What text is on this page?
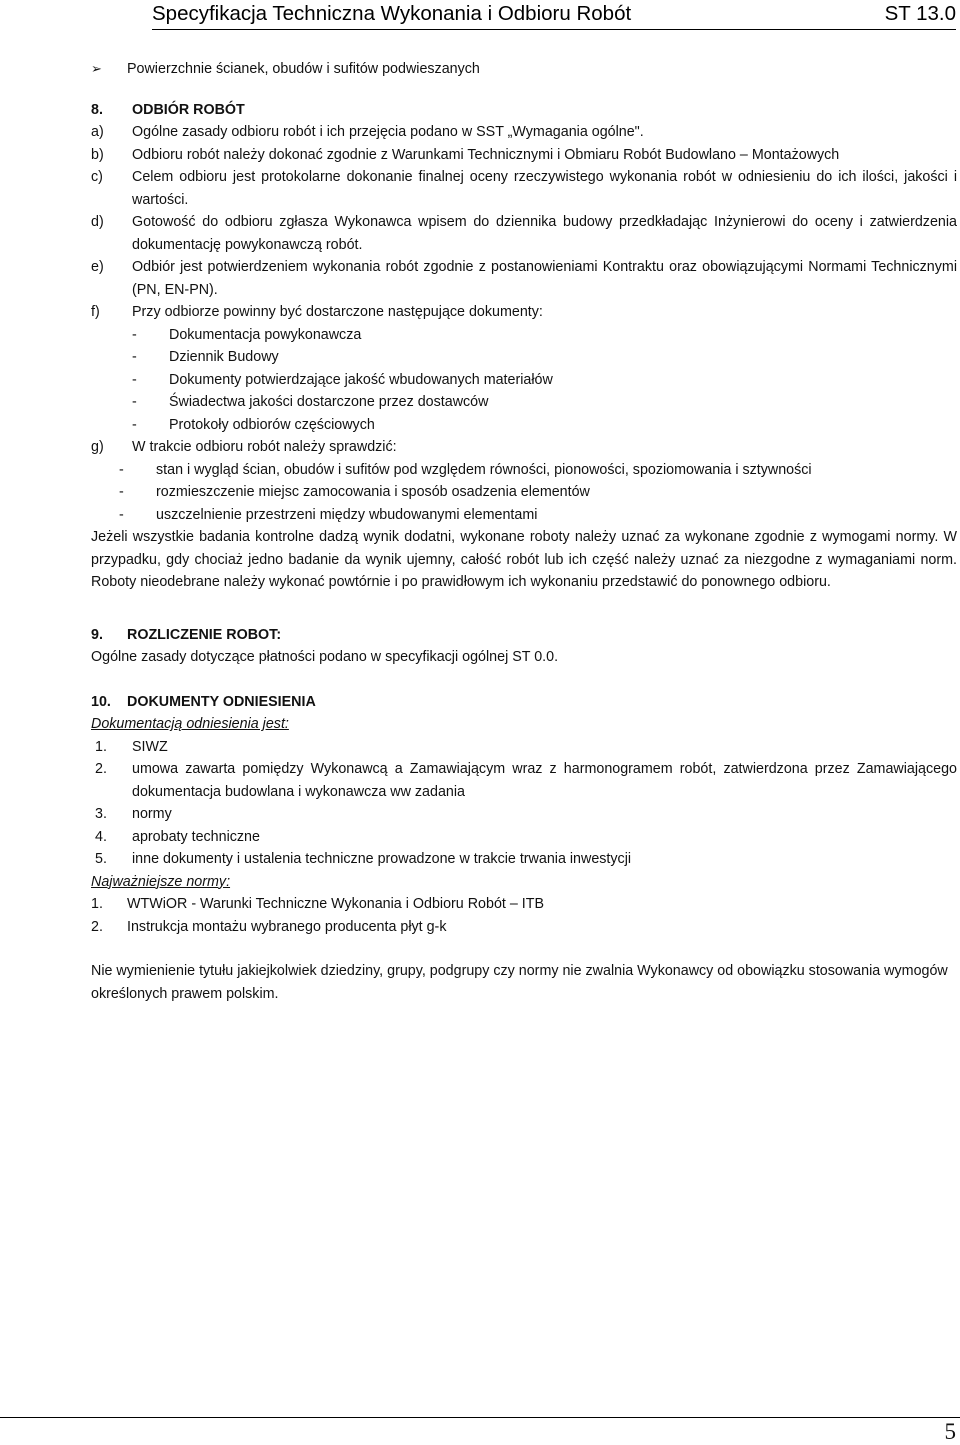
Specyfikacja Techniczna Wykonania i Odbioru Robót	ST 13.0
➢	Powierzchnie ścianek, obudów i sufitów podwieszanych
8.	ODBIÓR ROBÓT
a)	Ogólne zasady odbioru robót i ich przejęcia podano w SST „Wymagania ogólne".
b)	Odbioru robót należy dokonać zgodnie z Warunkami Technicznymi i Obmiaru Robót Budowlano – Montażowych
c)	Celem odbioru jest protokolarne dokonanie finalnej oceny rzeczywistego wykonania robót w odniesieniu do ich ilości, jakości i wartości.
d)	Gotowość do odbioru zgłasza Wykonawca wpisem do dziennika budowy przedkładając Inżynierowi do oceny i zatwierdzenia dokumentację powykonawczą robót.
e)	Odbiór jest potwierdzeniem wykonania robót zgodnie z postanowieniami Kontraktu oraz obowiązującymi Normami Technicznymi (PN, EN-PN).
f)	Przy odbiorze powinny być dostarczone następujące dokumenty:
-	Dokumentacja powykonawcza
-	Dziennik Budowy
-	Dokumenty potwierdzające jakość wbudowanych materiałów
-	Świadectwa jakości dostarczone przez dostawców
-	Protokoły odbiorów częściowych
g)	W trakcie odbioru robót należy sprawdzić:
-	stan i wygląd ścian, obudów i sufitów pod względem równości, pionowości, spoziomowania i sztywności
-	rozmieszczenie miejsc zamocowania i sposób osadzenia elementów
-	uszczelnienie przestrzeni między wbudowanymi elementami
Jeżeli wszystkie badania kontrolne dadzą wynik dodatni, wykonane roboty należy uznać za wykonane zgodnie z wymogami normy. W przypadku, gdy chociaż jedno badanie da wynik ujemny, całość robót lub ich część należy uznać za niezgodne z wymaganiami norm. Roboty nieodebrane należy wykonać powtórnie i po prawidłowym ich wykonaniu przedstawić do ponownego odbioru.
9.	ROZLICZENIE ROBOT:
Ogólne zasady dotyczące płatności podano w specyfikacji ogólnej ST 0.0.
10.	DOKUMENTY ODNIESIENIA
Dokumentacją odniesienia jest:
1.	SIWZ
2.	umowa zawarta pomiędzy Wykonawcą a Zamawiającym wraz z harmonogramem robót, zatwierdzona przez Zamawiającego dokumentacja budowlana i wykonawcza ww zadania
3.	normy
4.	aprobaty techniczne
5.	inne dokumenty i ustalenia techniczne prowadzone w trakcie trwania inwestycji
Najważniejsze normy:
1.	WTWiOR - Warunki Techniczne Wykonania i Odbioru Robót – ITB
2.	Instrukcja montażu wybranego producenta płyt g-k
Nie wymienienie tytułu jakiejkolwiek dziedziny, grupy, podgrupy czy normy nie zwalnia Wykonawcy od obowiązku stosowania wymogów określonych prawem polskim.
5
